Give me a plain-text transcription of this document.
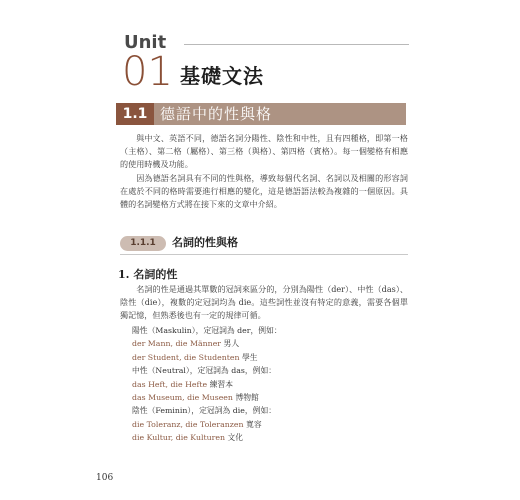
Unit
01 基礎文法
1.1 德語中的性與格

與中文、英語不同，德語名詞分陽性、陰性和中性，且有四種格，即第一格（主格）、第二格（屬格）、第三格（與格）、第四格（賓格）。每一個變格有相應的使用時機及功能。

因為德語名詞具有不同的性與格，導致每個代名詞、名詞以及相關的形容詞在處於不同的格時需要進行相應的變化，這是德語語法較為複雜的一個原因。具體的名詞變格方式將在接下來的文章中介紹。

1.1.1	名詞的性與格
1. 名詞的性

名詞的性是通過其單數的冠詞來區分的，分別為陽性（der）、中性（das）、陰性（die），複數的定冠詞均為 die。這些詞性並沒有特定的意義，需要各個單獨記憶，但熟悉後也有一定的規律可循。

陽性（Maskulin），定冠詞為 der，例如：
der Mann, die Männer 男人
der Student, die Studenten 學生
中性（Neutral），定冠詞為 das，例如：
das Heft, die Hefte 練習本
das Museum, die Museen 博物館
陰性（Feminin），定冠詞為 die，例如：
die Toleranz, die Toleranzen 寬容
die Kultur, die Kulturen 文化
106
